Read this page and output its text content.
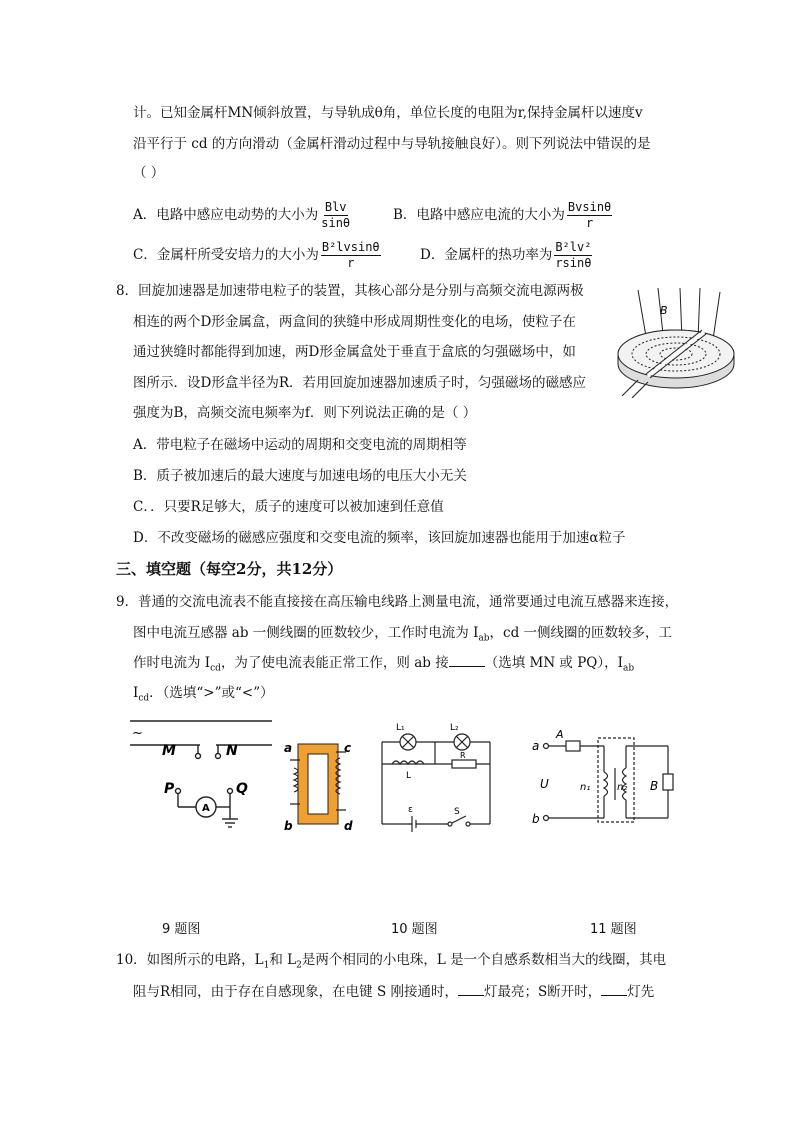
计。已知金属杆MN倾斜放置，与导轨成θ角，单位长度的电阻为r,保持金属杆以速度v
沿平行于 cd 的方向滑动（金属杆滑动过程中与导轨接触良好）。则下列说法中错误的是
（ ）
A．电路中感应电动势的大小为 $\frac{\text{Blv}}{\sin\theta}$	B．电路中感应电流的大小为 $\frac{Bvsin\theta}{r}$
C．金属杆所受安培力的大小为 $\frac{\text{B²lvsinθ}}{r}$	D．金属杆的热功率为 $\frac{\text{B²lv²}}{rsin\theta}$
8．回旋加速器是加速带电粒子的装置，其核心部分是分别与高频交流电源两极
相连的两个D形金属盒，两盒间的狭缝中形成周期性变化的电场，使粒子在
通过狭缝时都能得到加速，两D形金属盒处于垂直于盒底的匀强磁场中，如
图所示．设D形盒半径为R．若用回旋加速器加速质子时，匀强磁场的磁感应
强度为B，高频交流电频率为f．则下列说法正确的是（ ）
A．带电粒子在磁场中运动的周期和交变电流的周期相等
B．质子被加速后的最大速度与加速电场的电压大小无关
C．．只要R足够大，质子的速度可以被加速到任意值
D．不改变磁场的磁感应强度和交变电流的频率，该回旋加速器也能用于加速α粒子
B
三、填空题（每空2分，共12分）
9．普通的交流电流表不能直接接在高压输电线路上测量电流，通常要通过电流互感器来连接，
图中电流互感器 ab 一侧线圈的匝数较少，工作时电流为 $I_{ab}$，cd 一侧线圈的匝数较多，工
作时电流为 $I_{cd}$，为了使电流表能正常工作，则 ab 接	（选填 MN 或 PQ），$I_{ab}$
$I_{cd}$．（选填“>”或“<”）
~
M	N
P	Q
A
a
b
c
d
L₁	L₂
L
R
ε	S
a
b
U
A
n₁	n₂ B
9 题图	10 题图	11 题图
10．如图所示的电路，$L_1$和 $L_2$是两个相同的小电珠，L 是一个自感系数相当大的线圈，其电
阻与R相同，由于存在自感现象，在电键 S 刚接通时， 灯最亮；S断开时， 灯先
